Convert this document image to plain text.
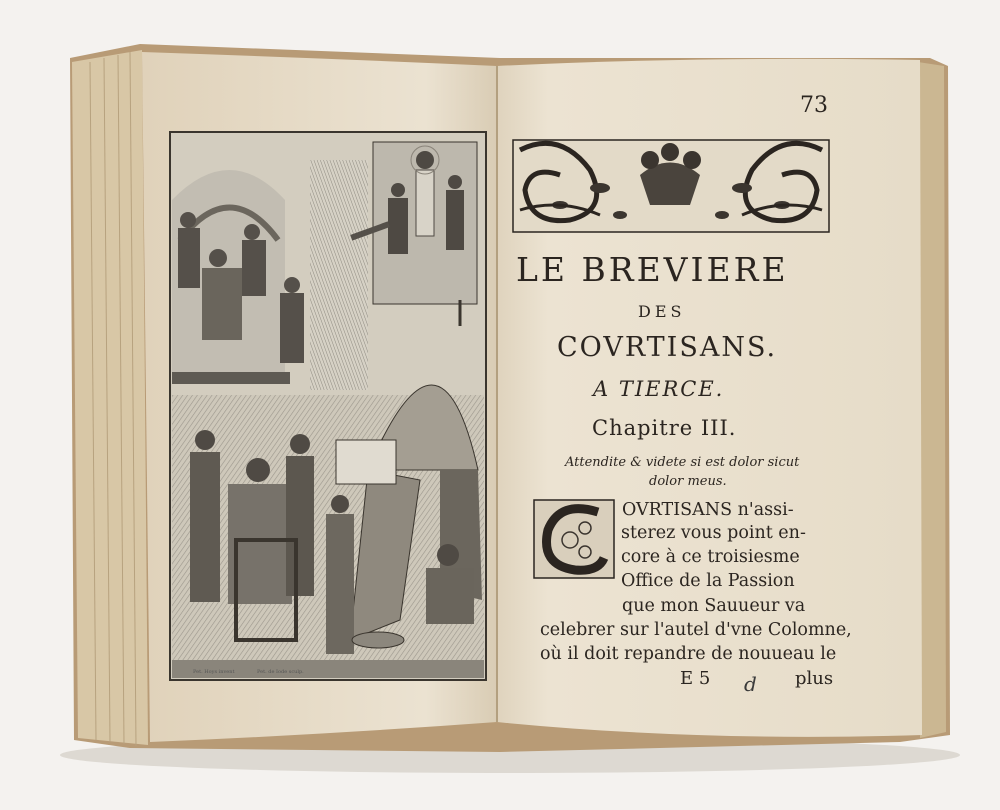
73
LE BREVIERE
DES
COVRTISANS.
A TIERCE.
Chapitre III.
Attendite & videte si est dolor sicut
dolor meus.
OVRTISANS n'assi-
sterez vous point en-
core à ce troisiesme
Office de la Passion
que mon Sauueur va
celebrer sur l'autel d'vne Colomne,
où il doit repandre de nouueau le
E 5 d plus
Pet. Hoys invent	Pet. de Iode sculp.
